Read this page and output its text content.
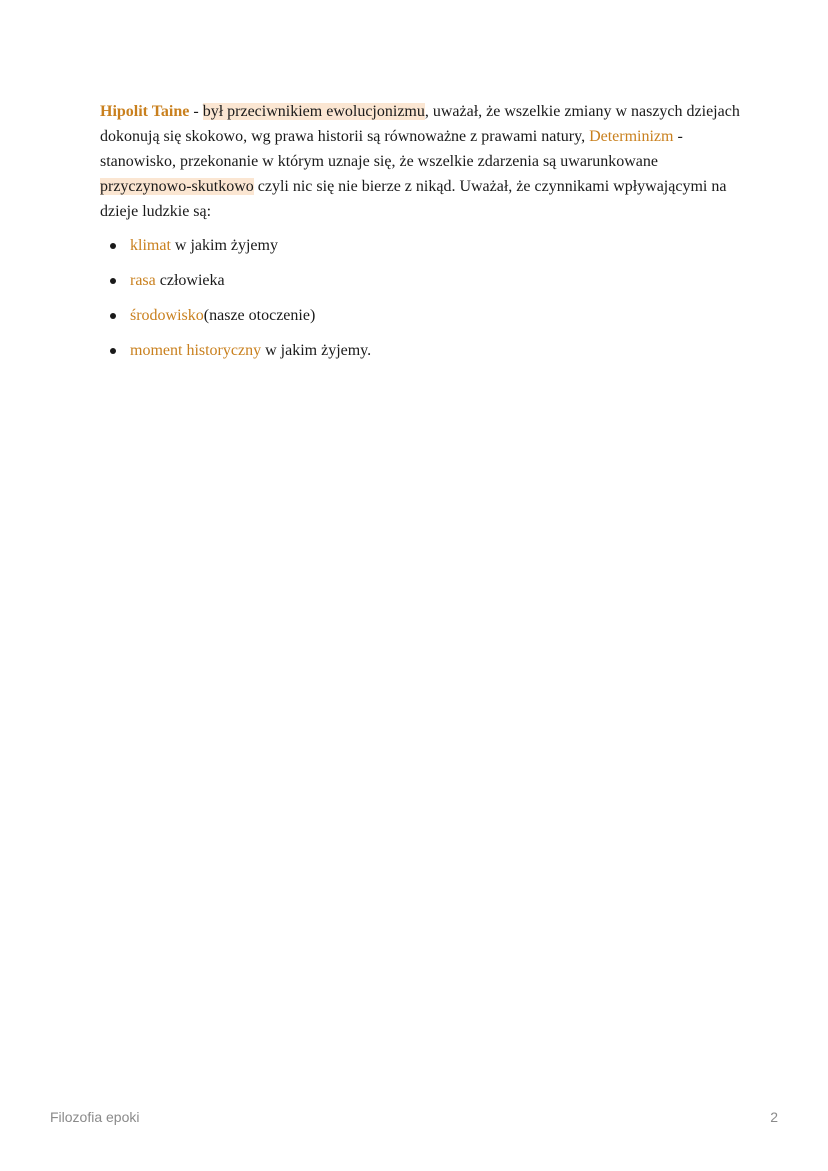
Hipolit Taine - był przeciwnikiem ewolucjonizmu, uważał, że wszelkie zmiany w naszych dziejach dokonują się skokowo, wg prawa historii są równoważne z prawami natury, Determinizm - stanowisko, przekonanie w którym uznaje się, że wszelkie zdarzenia są uwarunkowane przyczynowo-skutkowo czyli nic się nie bierze z nikąd. Uważał, że czynnikami wpływającymi na dzieje ludzkie są:

klimat w jakim żyjemy
rasa człowieka
środowisko(nasze otoczenie)
moment historyczny w jakim żyjemy.
Filozofia epoki	2
